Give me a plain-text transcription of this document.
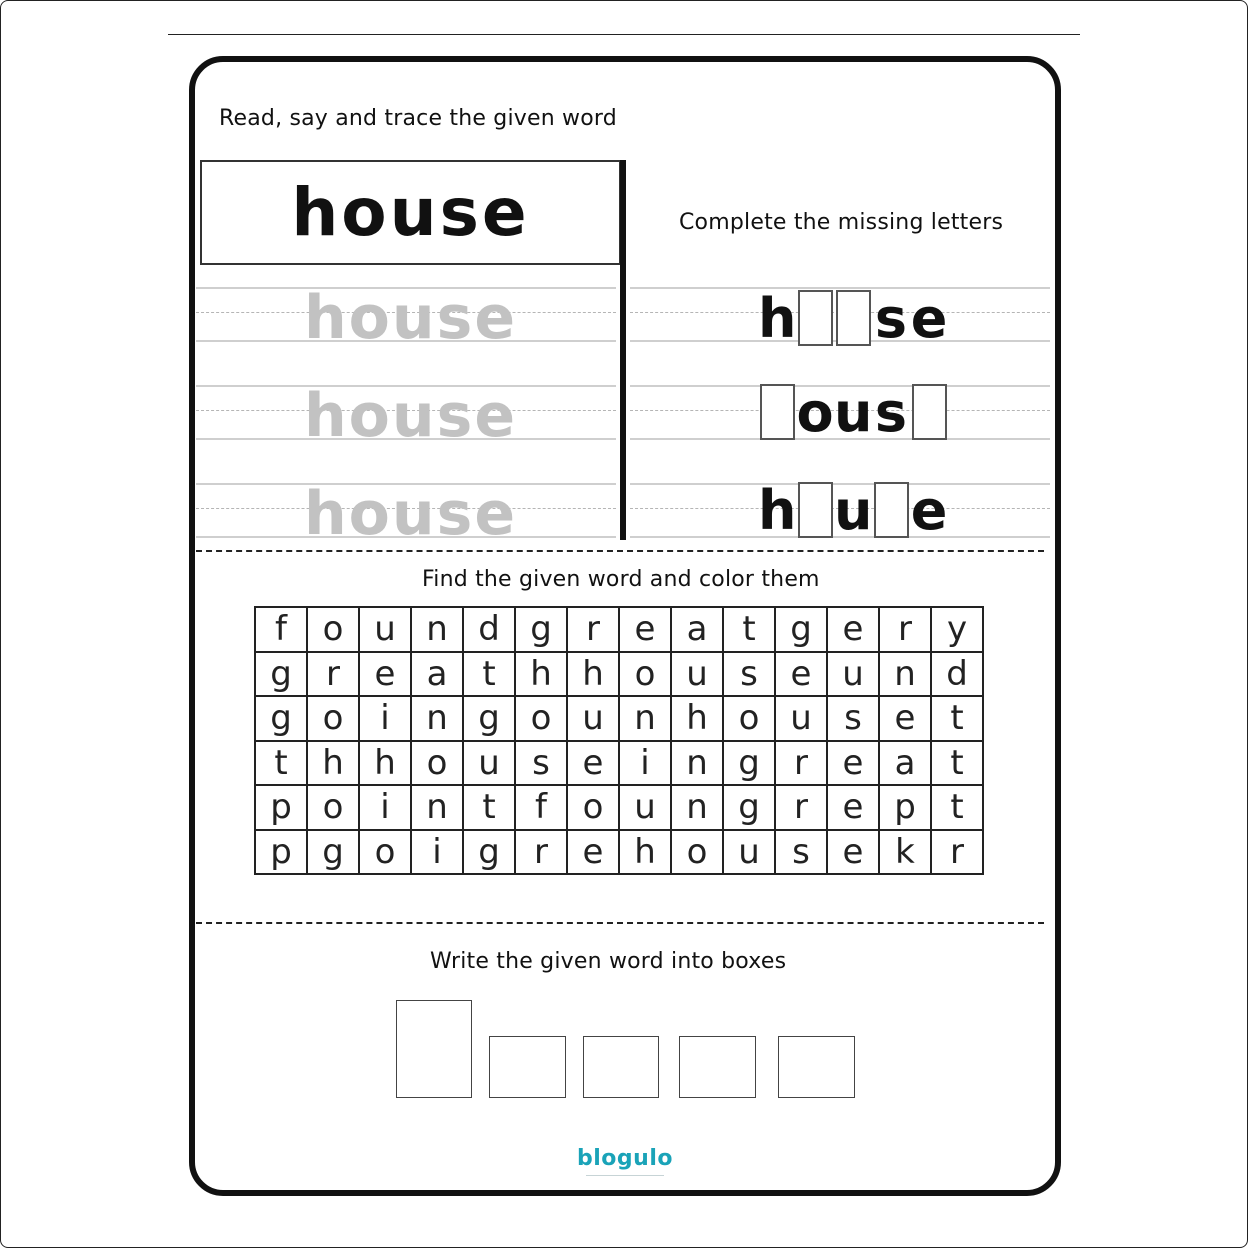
Read, say and trace the given word
house
house
house
house
Complete the missing letters
h s e
o u s
h u e
Find the given word and color them
f	o u n d g	r	e a	t	g e	r	y
g	r	e a	t	h h o u s e u n d
g o	i	n g o u n h o u s e	t
t	h h o u s e	i	n g	r	e a	t
p o	i	n	t	f	o u n g	r	e p	t
p g o	i	g	r	e h o u s e k	r
Write the given word into boxes
blogulo
